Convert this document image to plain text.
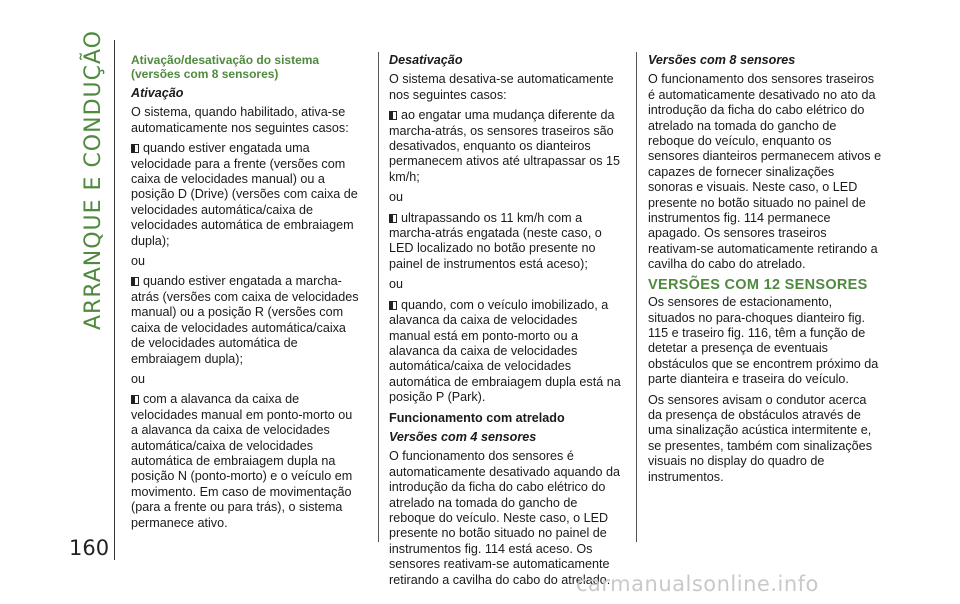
ARRANQUE E CONDUÇÃO
160
Ativação/desativação do sistema (versões com 8 sensores)
Ativação

O sistema, quando habilitado, ativa-se automaticamente nos seguintes casos:

quando estiver engatada uma velocidade para a frente (versões com caixa de velocidades manual) ou a posição D (Drive) (versões com caixa de velocidades automática/caixa de velocidades automática de embraiagem dupla);

ou

quando estiver engatada a marcha-atrás (versões com caixa de velocidades manual) ou a posição R (versões com caixa de velocidades automática/caixa de velocidades automática de embraiagem dupla);

ou

com a alavanca da caixa de velocidades manual em ponto-morto ou a alavanca da caixa de velocidades automática/caixa de velocidades automática de embraiagem dupla na posição N (ponto-morto) e o veículo em movimento. Em caso de movimentação (para a frente ou para trás), o sistema permanece ativo.

Desativação

O sistema desativa-se automaticamente nos seguintes casos:

ao engatar uma mudança diferente da marcha-atrás, os sensores traseiros são desativados, enquanto os dianteiros permanecem ativos até ultrapassar os 15 km/h;

ou

ultrapassando os 11 km/h com a marcha-atrás engatada (neste caso, o LED localizado no botão presente no painel de instrumentos está aceso);

ou

quando, com o veículo imobilizado, a alavanca da caixa de velocidades manual está em ponto-morto ou a alavanca da caixa de velocidades automática/caixa de velocidades automática de embraiagem dupla está na posição P (Park).

Funcionamento com atrelado
Versões com 4 sensores

O funcionamento dos sensores é automaticamente desativado aquando da introdução da ficha do cabo elétrico do atrelado na tomada do gancho de reboque do veículo. Neste caso, o LED presente no botão situado no painel de instrumentos fig. 114 está aceso. Os sensores reativam-se automaticamente retirando a cavilha do cabo do atrelado.

Versões com 8 sensores

O funcionamento dos sensores traseiros é automaticamente desativado no ato da introdução da ficha do cabo elétrico do atrelado na tomada do gancho de reboque do veículo, enquanto os sensores dianteiros permanecem ativos e capazes de fornecer sinalizações sonoras e visuais. Neste caso, o LED presente no botão situado no painel de instrumentos fig. 114 permanece apagado. Os sensores traseiros reativam-se automaticamente retirando a cavilha do cabo do atrelado.

VERSÕES COM 12 SENSORES

Os sensores de estacionamento, situados no para-choques dianteiro fig. 115 e traseiro fig. 116, têm a função de detetar a presença de eventuais obstáculos que se encontrem próximo da parte dianteira e traseira do veículo.

Os sensores avisam o condutor acerca da presença de obstáculos através de uma sinalização acústica intermitente e, se presentes, também com sinalizações visuais no display do quadro de instrumentos.

carmanualsonline.info
